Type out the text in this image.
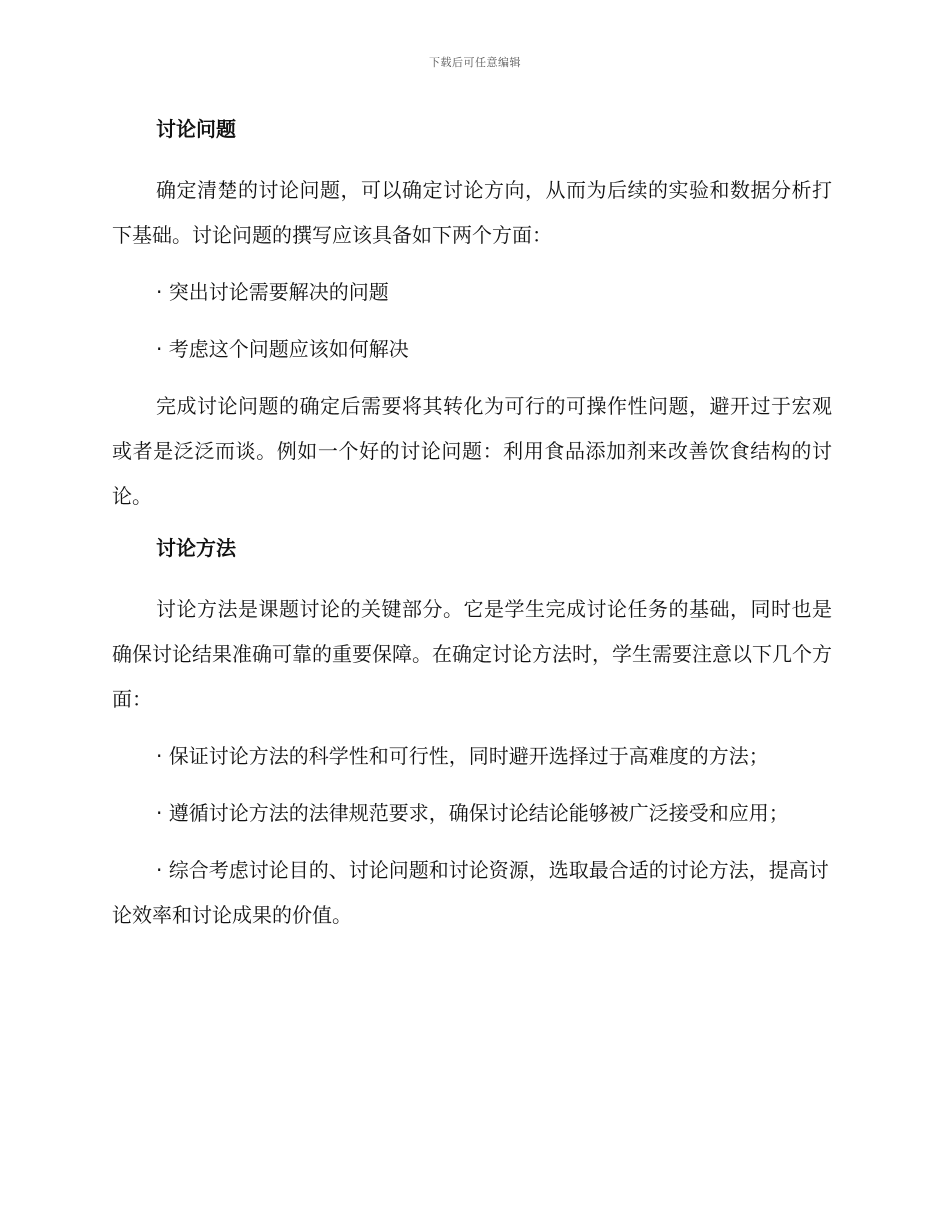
下载后可任意编辑

讨论问题

确定清楚的讨论问题，可以确定讨论方向，从而为后续的实验和数据分析打下基础。讨论问题的撰写应该具备如下两个方面：

· 突出讨论需要解决的问题

· 考虑这个问题应该如何解决

完成讨论问题的确定后需要将其转化为可行的可操作性问题，避开过于宏观或者是泛泛而谈。例如一个好的讨论问题：利用食品添加剂来改善饮食结构的讨论。

讨论方法

讨论方法是课题讨论的关键部分。它是学生完成讨论任务的基础，同时也是确保讨论结果准确可靠的重要保障。在确定讨论方法时，学生需要注意以下几个方面：

· 保证讨论方法的科学性和可行性，同时避开选择过于高难度的方法；

· 遵循讨论方法的法律规范要求，确保讨论结论能够被广泛接受和应用；

· 综合考虑讨论目的、讨论问题和讨论资源，选取最合适的讨论方法，提高讨论效率和讨论成果的价值。
